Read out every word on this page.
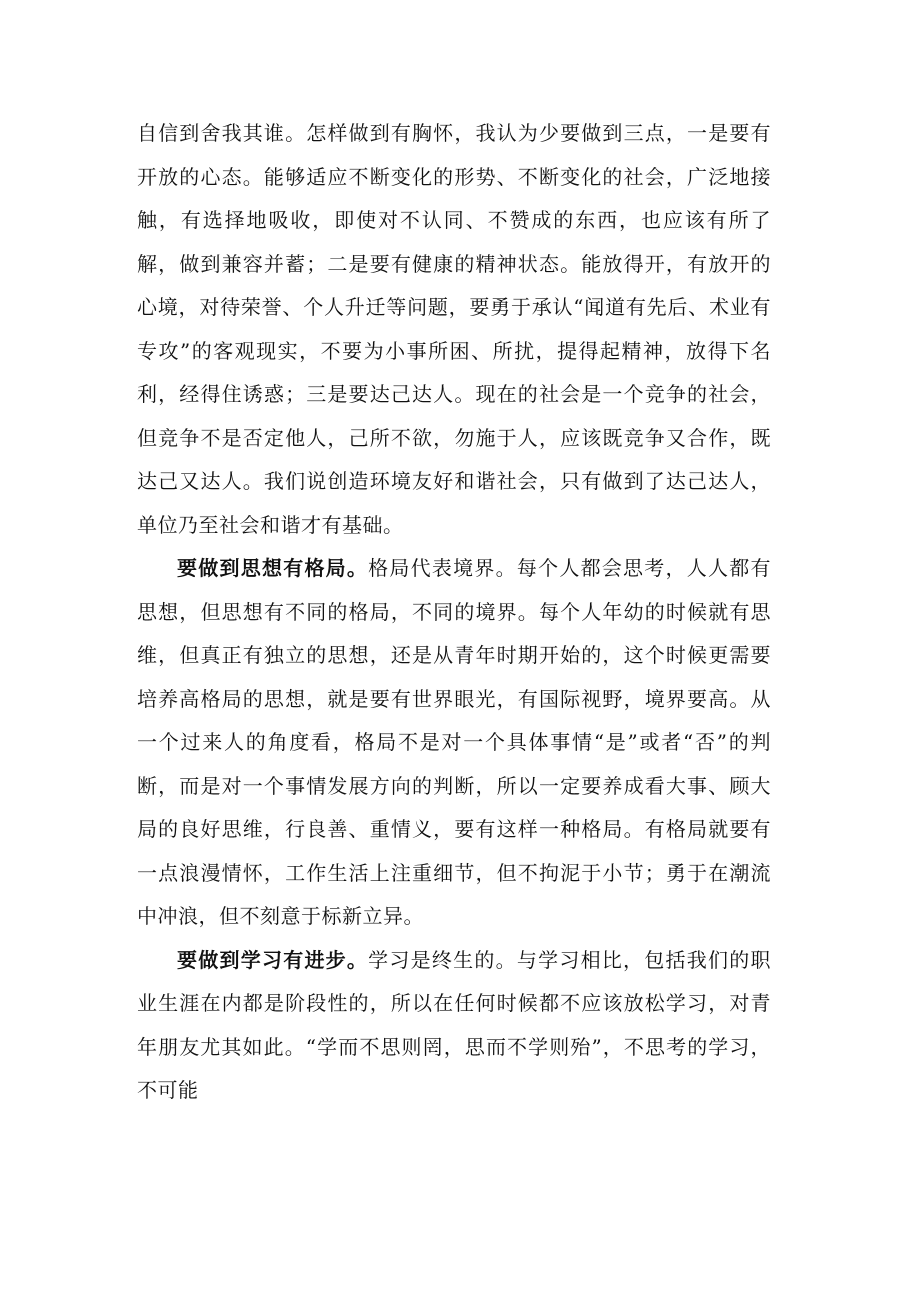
自信到舍我其谁。怎样做到有胸怀，我认为少要做到三点，一是要有开放的心态。能够适应不断变化的形势、不断变化的社会，广泛地接触，有选择地吸收，即使对不认同、不赞成的东西，也应该有所了解，做到兼容并蓄；二是要有健康的精神状态。能放得开，有放开的心境，对待荣誉、个人升迁等问题，要勇于承认“闻道有先后、术业有专攻”的客观现实，不要为小事所困、所扰，提得起精神，放得下名利，经得住诱惑；三是要达己达人。现在的社会是一个竞争的社会，但竞争不是否定他人，己所不欲，勿施于人，应该既竞争又合作，既达己又达人。我们说创造环境友好和谐社会，只有做到了达己达人，单位乃至社会和谐才有基础。

要做到思想有格局。格局代表境界。每个人都会思考，人人都有思想，但思想有不同的格局，不同的境界。每个人年幼的时候就有思维，但真正有独立的思想，还是从青年时期开始的，这个时候更需要培养高格局的思想，就是要有世界眼光，有国际视野，境界要高。从一个过来人的角度看，格局不是对一个具体事情“是”或者“否”的判断，而是对一个事情发展方向的判断，所以一定要养成看大事、顾大局的良好思维，行良善、重情义，要有这样一种格局。有格局就要有一点浪漫情怀，工作生活上注重细节，但不拘泥于小节；勇于在潮流中冲浪，但不刻意于标新立异。

要做到学习有进步。学习是终生的。与学习相比，包括我们的职业生涯在内都是阶段性的，所以在任何时候都不应该放松学习，对青年朋友尤其如此。“学而不思则罔，思而不学则殆”，不思考的学习，不可能
